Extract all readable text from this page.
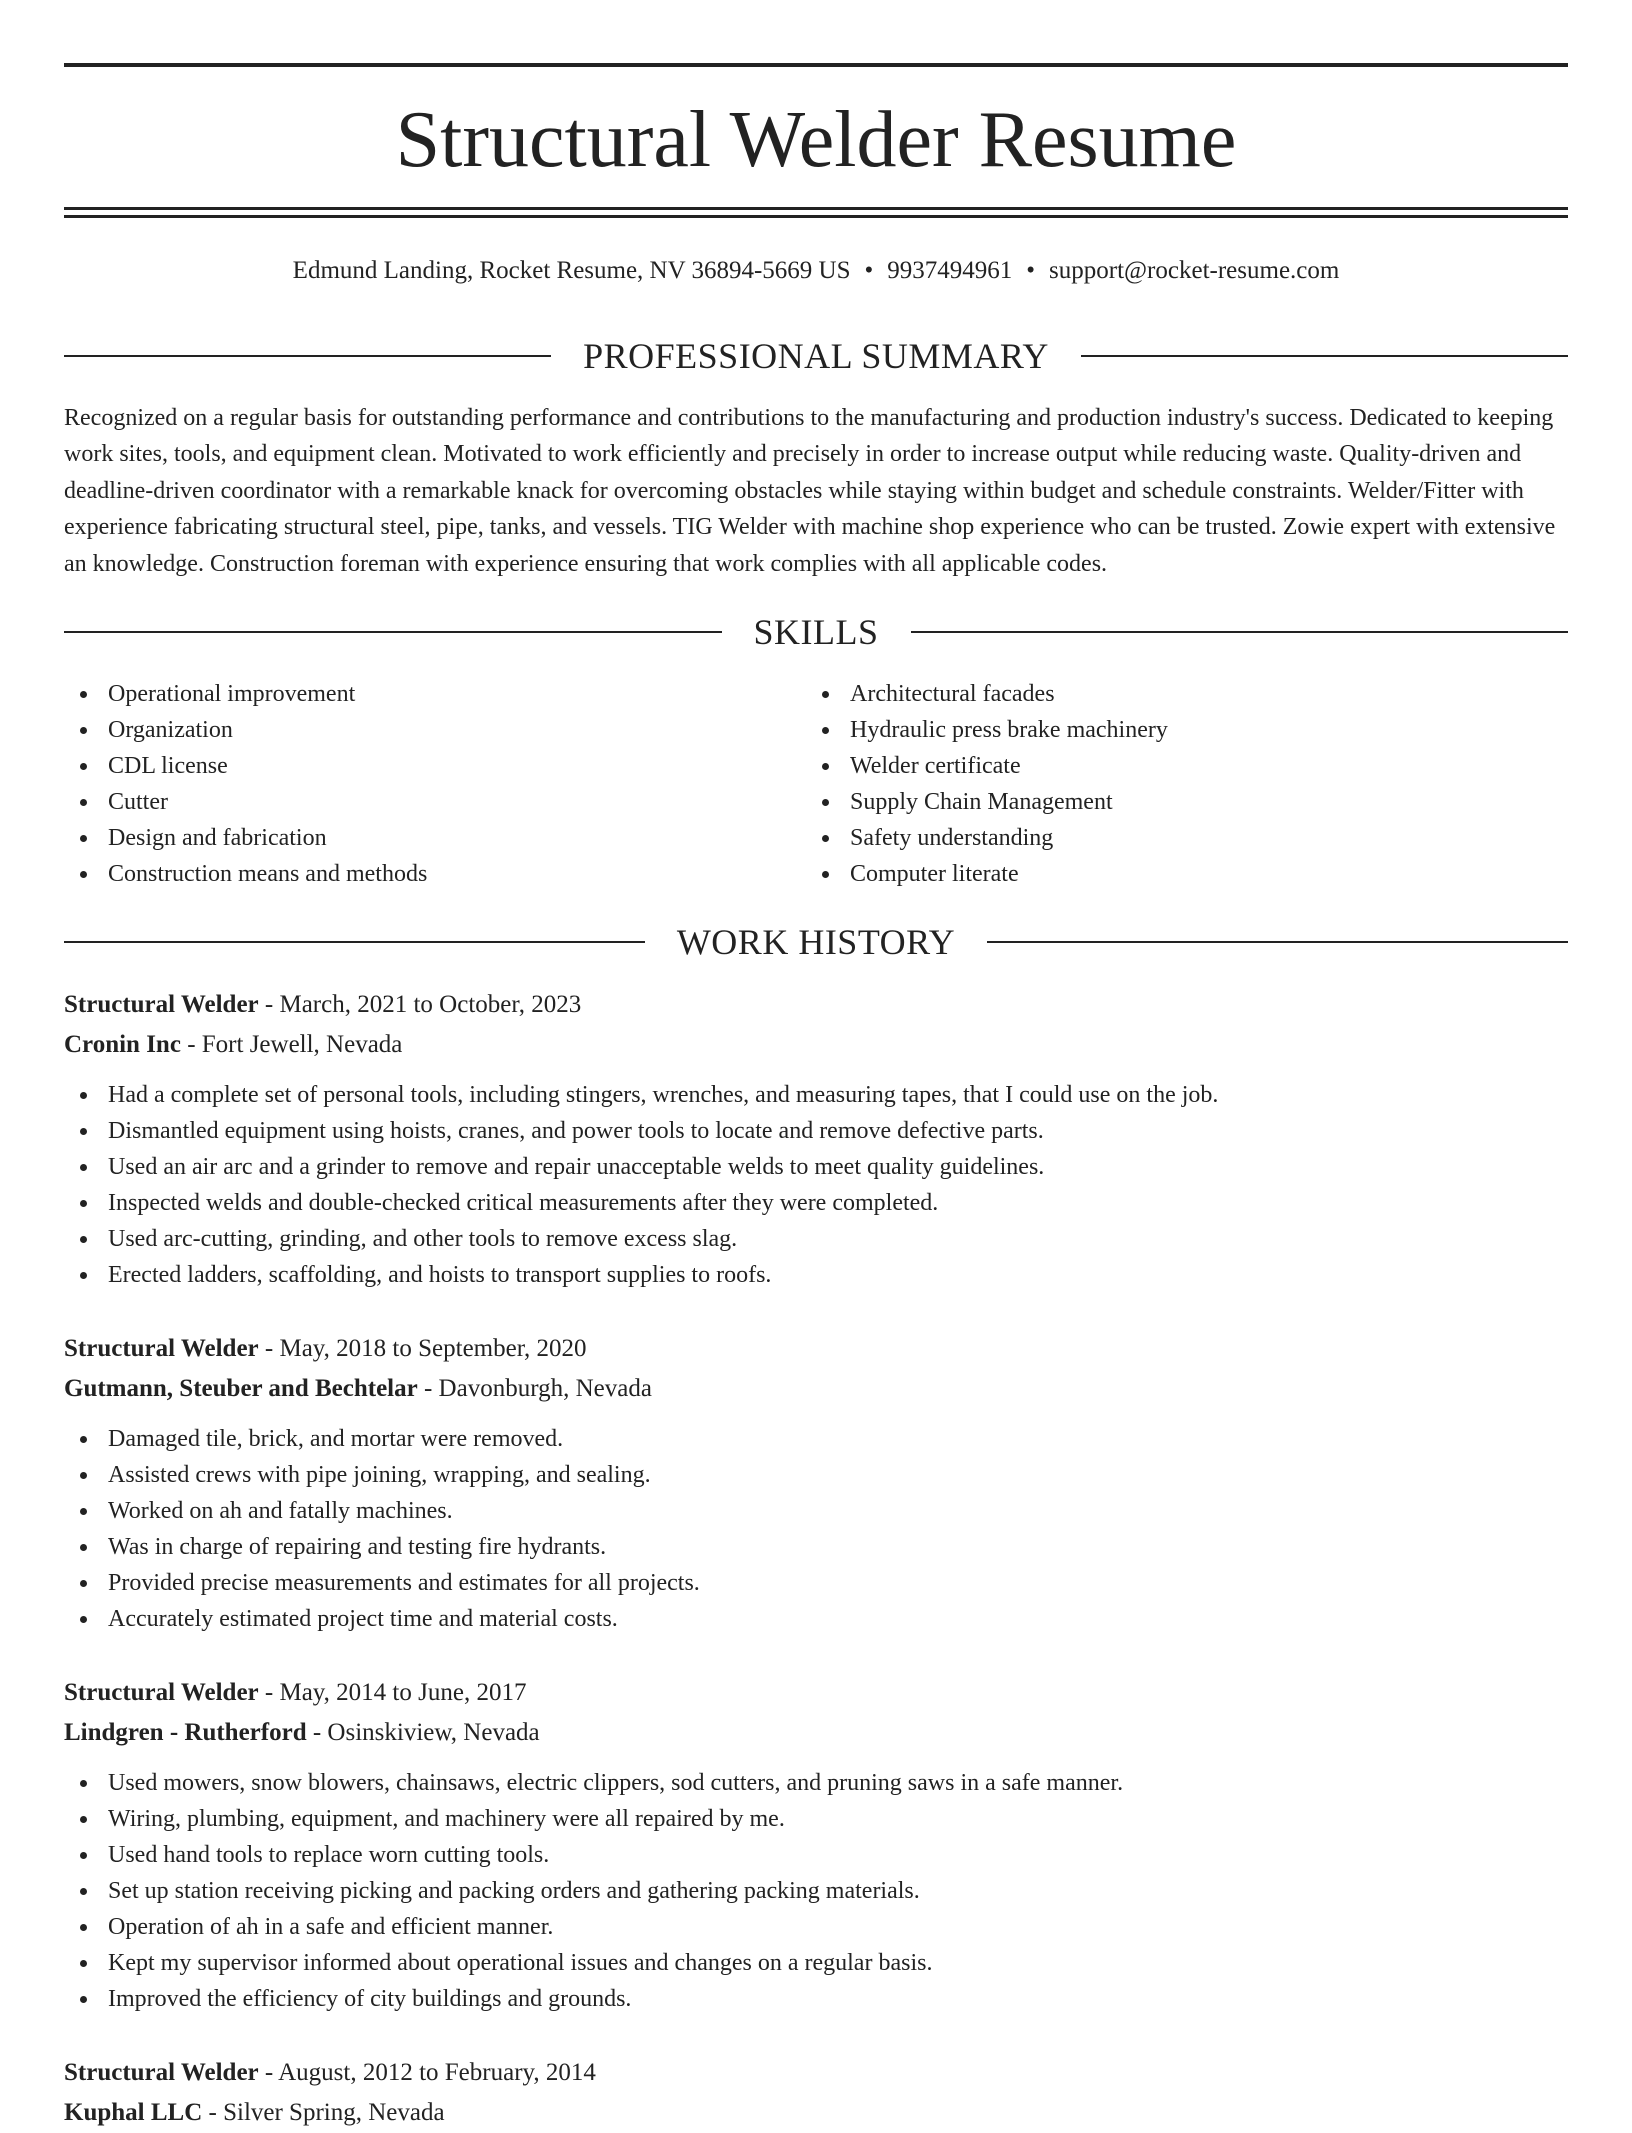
Structural Welder Resume
Edmund Landing, Rocket Resume, NV 36894-5669 US • 9937494961 • support@rocket-resume.com
PROFESSIONAL SUMMARY

Recognized on a regular basis for outstanding performance and contributions to the manufacturing and production industry's success. Dedicated to keeping work sites, tools, and equipment clean. Motivated to work efficiently and precisely in order to increase output while reducing waste. Quality-driven and deadline-driven coordinator with a remarkable knack for overcoming obstacles while staying within budget and schedule constraints. Welder/Fitter with experience fabricating structural steel, pipe, tanks, and vessels. TIG Welder with machine shop experience who can be trusted. Zowie expert with extensive an knowledge. Construction foreman with experience ensuring that work complies with all applicable codes.

SKILLS
Operational improvement
Organization
CDL license
Cutter
Design and fabrication
Construction means and methods
Architectural facades
Hydraulic press brake machinery
Welder certificate
Supply Chain Management
Safety understanding
Computer literate
WORK HISTORY
Structural Welder - March, 2021 to October, 2023
Cronin Inc - Fort Jewell, Nevada
Had a complete set of personal tools, including stingers, wrenches, and measuring tapes, that I could use on the job.
Dismantled equipment using hoists, cranes, and power tools to locate and remove defective parts.
Used an air arc and a grinder to remove and repair unacceptable welds to meet quality guidelines.
Inspected welds and double-checked critical measurements after they were completed.
Used arc-cutting, grinding, and other tools to remove excess slag.
Erected ladders, scaffolding, and hoists to transport supplies to roofs.
Structural Welder - May, 2018 to September, 2020
Gutmann, Steuber and Bechtelar - Davonburgh, Nevada
Damaged tile, brick, and mortar were removed.
Assisted crews with pipe joining, wrapping, and sealing.
Worked on ah and fatally machines.
Was in charge of repairing and testing fire hydrants.
Provided precise measurements and estimates for all projects.
Accurately estimated project time and material costs.
Structural Welder - May, 2014 to June, 2017
Lindgren - Rutherford - Osinskiview, Nevada
Used mowers, snow blowers, chainsaws, electric clippers, sod cutters, and pruning saws in a safe manner.
Wiring, plumbing, equipment, and machinery were all repaired by me.
Used hand tools to replace worn cutting tools.
Set up station receiving picking and packing orders and gathering packing materials.
Operation of ah in a safe and efficient manner.
Kept my supervisor informed about operational issues and changes on a regular basis.
Improved the efficiency of city buildings and grounds.
Structural Welder - August, 2012 to February, 2014
Kuphal LLC - Silver Spring, Nevada
